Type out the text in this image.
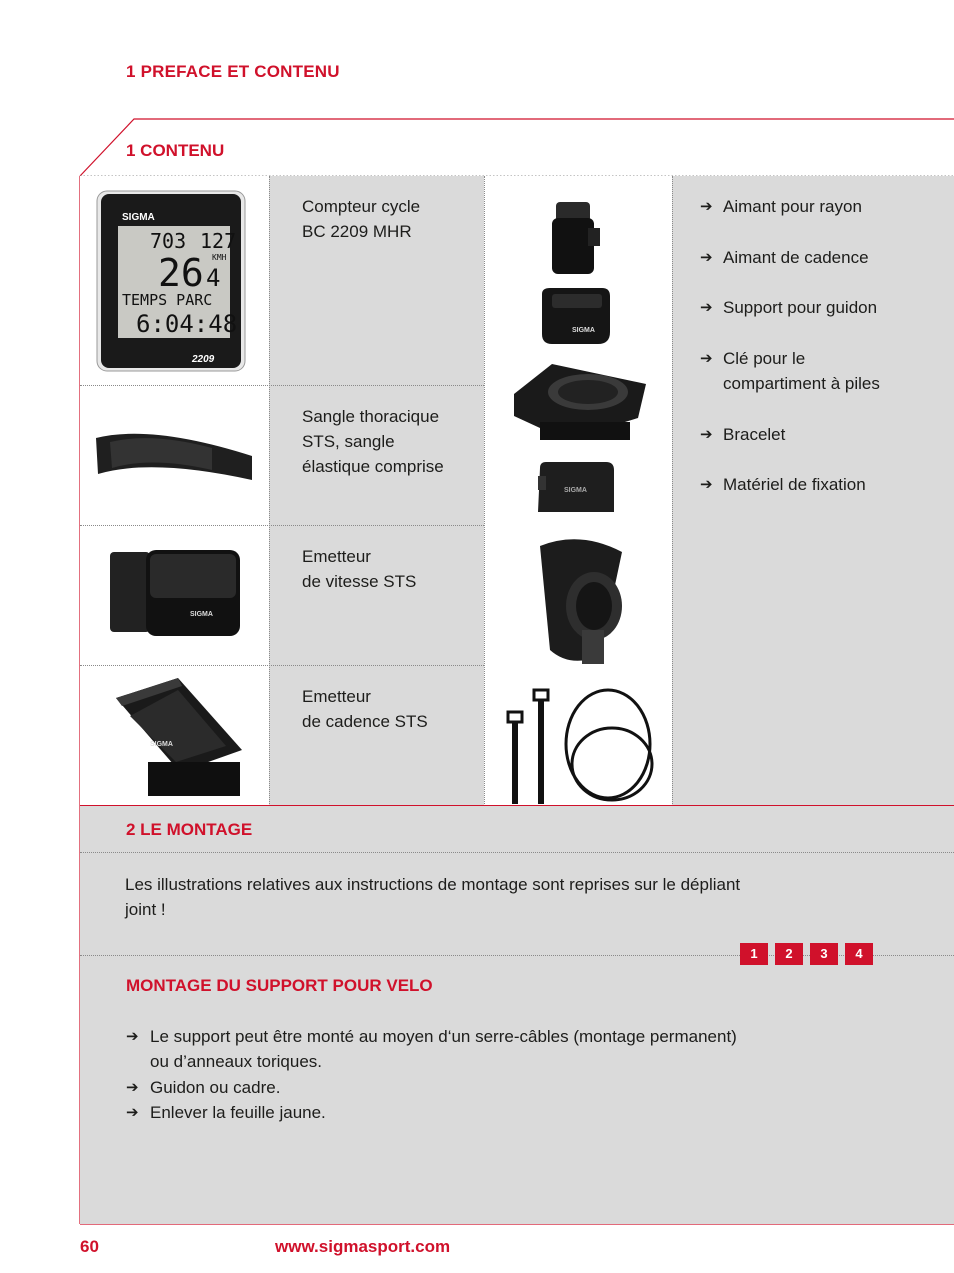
1 PREFACE ET CONTENU
1 CONTENU
SIGMA
703 127
26 4
KMH
TEMPS PARC
6:04:48
2209
SIGMA
SIGMA
SIGMA
SIGMA
Compteur cycle
BC 2209 MHR
Sangle thoracique
STS, sangle
élastique comprise
Emetteur
de vitesse STS
Emetteur
de cadence STS
➔ Aimant pour rayon
➔ Aimant de cadence
➔ Support pour guidon
➔ Clé pour le
compartiment à piles
➔ Bracelet
➔ Matériel de fixation
2 LE MONTAGE
Les illustrations relatives aux instructions de montage sont reprises sur le dépliant
joint !
1	2	3	4
MONTAGE DU SUPPORT POUR VELO
➔ Le support peut être monté au moyen d‘un serre-câbles (montage permanent)
ou d’anneaux toriques.
➔ Guidon ou cadre.
➔ Enlever la feuille jaune.
60	www.sigmasport.com
